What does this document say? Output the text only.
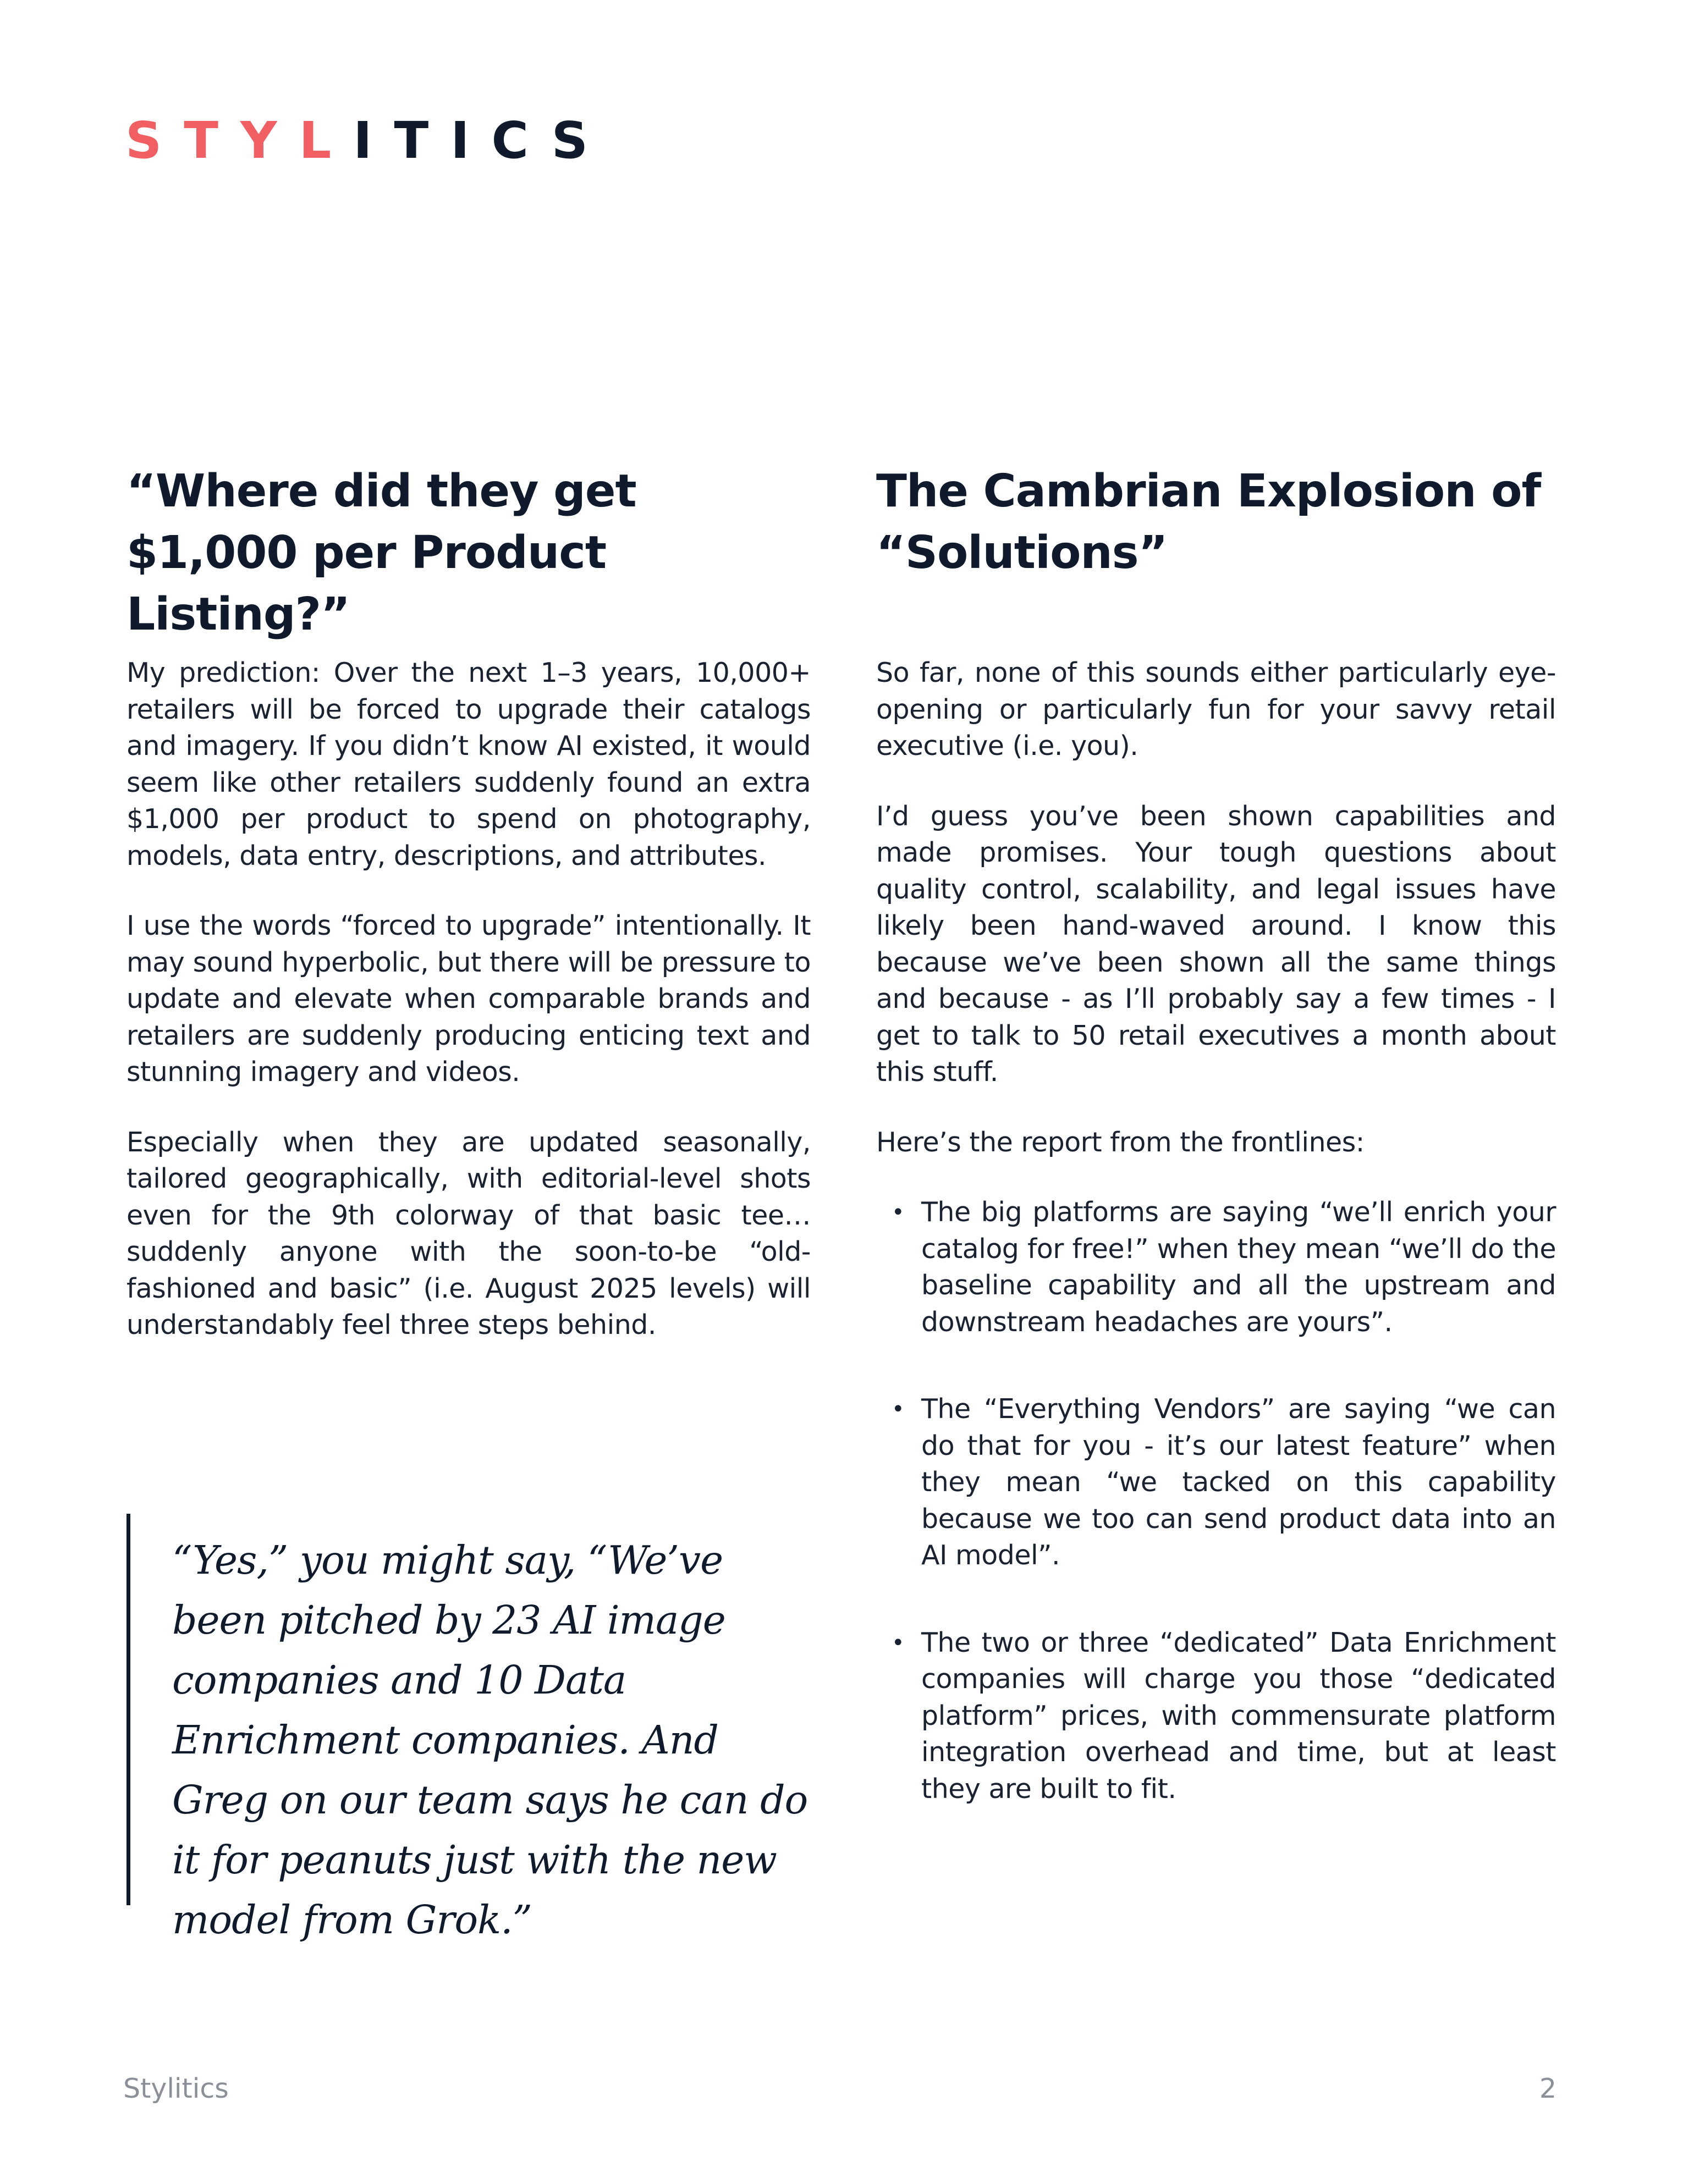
STYLITICS
“Where did they get $1,000 per Product Listing?”
The Cambrian Explosion of “Solutions”

My prediction: Over the next 1–3 years, 10,000+ retailers will be forced to upgrade their catalogs and imagery. If you didn’t know AI existed, it would seem like other retailers suddenly found an extra $1,000 per product to spend on photography, models, data entry, descriptions, and attributes.

I use the words “forced to upgrade” intentionally. It may sound hyperbolic, but there will be pressure to update and elevate when comparable brands and retailers are suddenly producing enticing text and stunning imagery and videos.

Especially when they are updated seasonally, tailored geographically, with editorial-level shots even for the 9th colorway of that basic tee…suddenly anyone with the soon-to-be “old-fashioned and basic” (i.e. August 2025 levels) will understandably feel three steps behind.

“Yes,” you might say, “We’ve been pitched by 23 AI image companies and 10 Data Enrichment companies. And Greg on our team says he can do it for peanuts just with the new model from Grok.”

So far, none of this sounds either particularly eye-opening or particularly fun for your savvy retail executive (i.e. you).

I’d guess you’ve been shown capabilities and made promises. Your tough questions about quality control, scalability, and legal issues have likely been hand-waved around. I know this because we’ve been shown all the same things and because - as I’ll probably say a few times - I get to talk to 50 retail executives a month about this stuff.

Here’s the report from the frontlines:

• The big platforms are saying “we’ll enrich your catalog for free!” when they mean “we’ll do the baseline capability and all the upstream and downstream headaches are yours”.
• The “Everything Vendors” are saying “we can do that for you - it’s our latest feature” when they mean “we tacked on this capability because we too can send product data into an AI model”.
• The two or three “dedicated” Data Enrichment companies will charge you those “dedicated platform” prices, with commensurate platform integration overhead and time, but at least they are built to fit.
Stylitics	2
